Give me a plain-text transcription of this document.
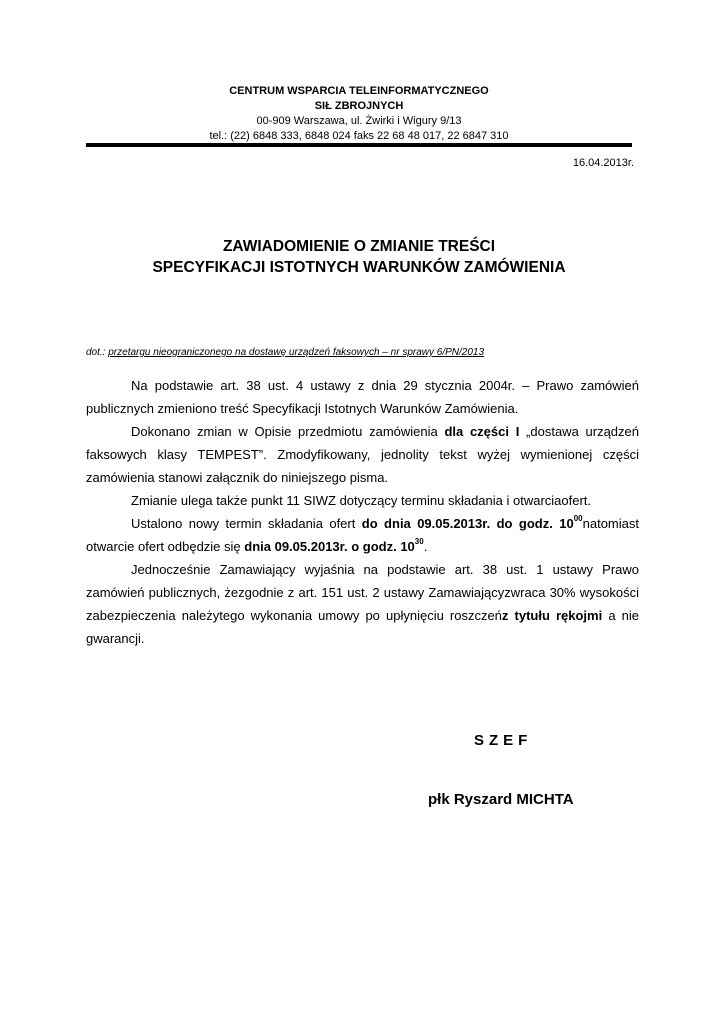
CENTRUM WSPARCIA TELEINFORMATYCZNEGO
SIŁ ZBROJNYCH
00-909 Warszawa, ul. Żwirki i Wigury 9/13
tel.: (22) 6848 333, 6848 024 faks 22 68 48 017, 22 6847 310
16.04.2013r.
ZAWIADOMIENIE O ZMIANIE TREŚCI
SPECYFIKACJI ISTOTNYCH WARUNKÓW ZAMÓWIENIA
dot.: przetargu nieograniczonego na dostawę urządzeń faksowych – nr sprawy 6/PN/2013

Na podstawie art. 38 ust. 4 ustawy z dnia 29 stycznia 2004r. – Prawo zamówień publicznych zmieniono treść Specyfikacji Istotnych Warunków Zamówienia.

Dokonano zmian w Opisie przedmiotu zamówienia dla części I „dostawa urządzeń faksowych klasy TEMPEST”. Zmodyfikowany, jednolity tekst wyżej wymienionej części zamówienia stanowi załącznik do niniejszego pisma.

Zmianie ulega także punkt 11 SIWZ dotyczący terminu składania i otwarciaofert.

Ustalono nowy termin składania ofert do dnia 09.05.2013r. do godz. $10^{00}natomiast$ otwarcie ofert odbędzie się dnia 09.05.2013r. o godz. $10^{30}$.

Jednocześnie Zamawiający wyjaśnia na podstawie art. 38 ust. 1 ustawy Prawo zamówień publicznych, żezgodnie z art. 151 ust. 2 ustawy Zamawiającyzwraca 30% wysokości zabezpieczenia należytego wykonania umowy po upłynięciu roszczeńz tytułu rękojmi a nie gwarancji.

SZEF
płk Ryszard MICHTA
